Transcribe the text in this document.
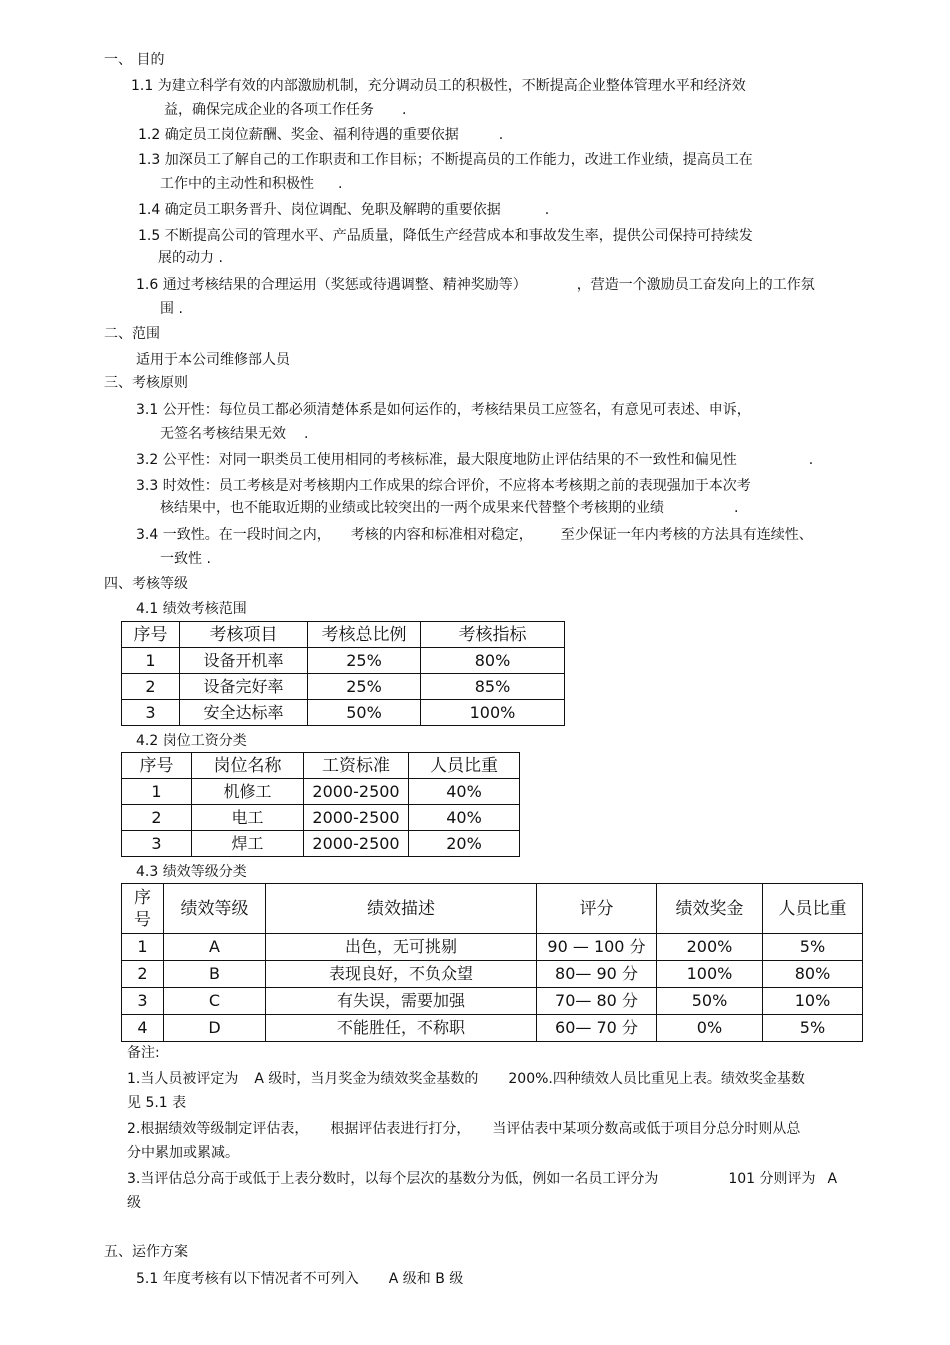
一、 目的
1.1 为建立科学有效的内部激励机制，充分调动员工的积极性，不断提高企业整体管理水平和经济效
益，确保完成企业的各项工作任务 .
1.2 确定员工岗位薪酬、奖金、福利待遇的重要依据	.
1.3 加深员工了解自己的工作职责和工作目标；不断提高员的工作能力，改进工作业绩，提高员工在
工作中的主动性和积极性 .
1.4 确定员工职务晋升、岗位调配、免职及解聘的重要依据	.
1.5 不断提高公司的管理水平、产品质量，降低生产经营成本和事故发生率，提供公司保持可持续发
展的动力 .
1.6 通过考核结果的合理运用（奖惩或待遇调整、精神奖励等）	，营造一个激励员工奋发向上的工作氛
围 .
二、范围
适用于本公司维修部人员
三、考核原则
3.1 公开性：每位员工都必须清楚体系是如何运作的，考核结果员工应签名，有意见可表述、申诉，
无签名考核结果无效 .
3.2 公平性：对同一职类员工使用相同的考核标准，最大限度地防止评估结果的不一致性和偏见性	.
3.3 时效性：员工考核是对考核期内工作成果的综合评价，不应将本考核期之前的表现强加于本次考
核结果中，也不能取近期的业绩或比较突出的一两个成果来代替整个考核期的业绩	.
3.4 一致性。在一段时间之内， 考核的内容和标准相对稳定， 至少保证一年内考核的方法具有连续性、
一致性 .
四、考核等级
4.1 绩效考核范围
序号	考核项目	考核总比例	考核指标
1	设备开机率	25%	80%
2	设备完好率	25%	85%
3	安全达标率	50%	100%
4.2 岗位工资分类
序号	岗位名称	工资标准	人员比重
1	机修工	2000-2500	40%
2	电工	2000-2500	40%
3	焊工	2000-2500	20%
4.3 绩效等级分类
序号	绩效等级	绩效描述	评分	绩效奖金	人员比重
1	A	出色，无可挑剔	90 — 100 分	200%	5%
2	B	表现良好，不负众望	80— 90 分	100%	80%
3	C	有失误，需要加强	70— 80 分	50%	10%
4	D	不能胜任，不称职	60— 70 分	0%	5%
备注:
1.当人员被评定为 A 级时，当月奖金为绩效奖金基数的 200%.四种绩效人员比重见上表。绩效奖金基数
见 5.1 表
2.根据绩效等级制定评估表， 根据评估表进行打分， 当评估表中某项分数高或低于项目分总分时则从总
分中累加或累减。
3.当评估总分高于或低于上表分数时，以每个层次的基数分为低，例如一名员工评分为	101 分则评为 A
级
五、运作方案
5.1 年度考核有以下情况者不可列入 A 级和 B 级
